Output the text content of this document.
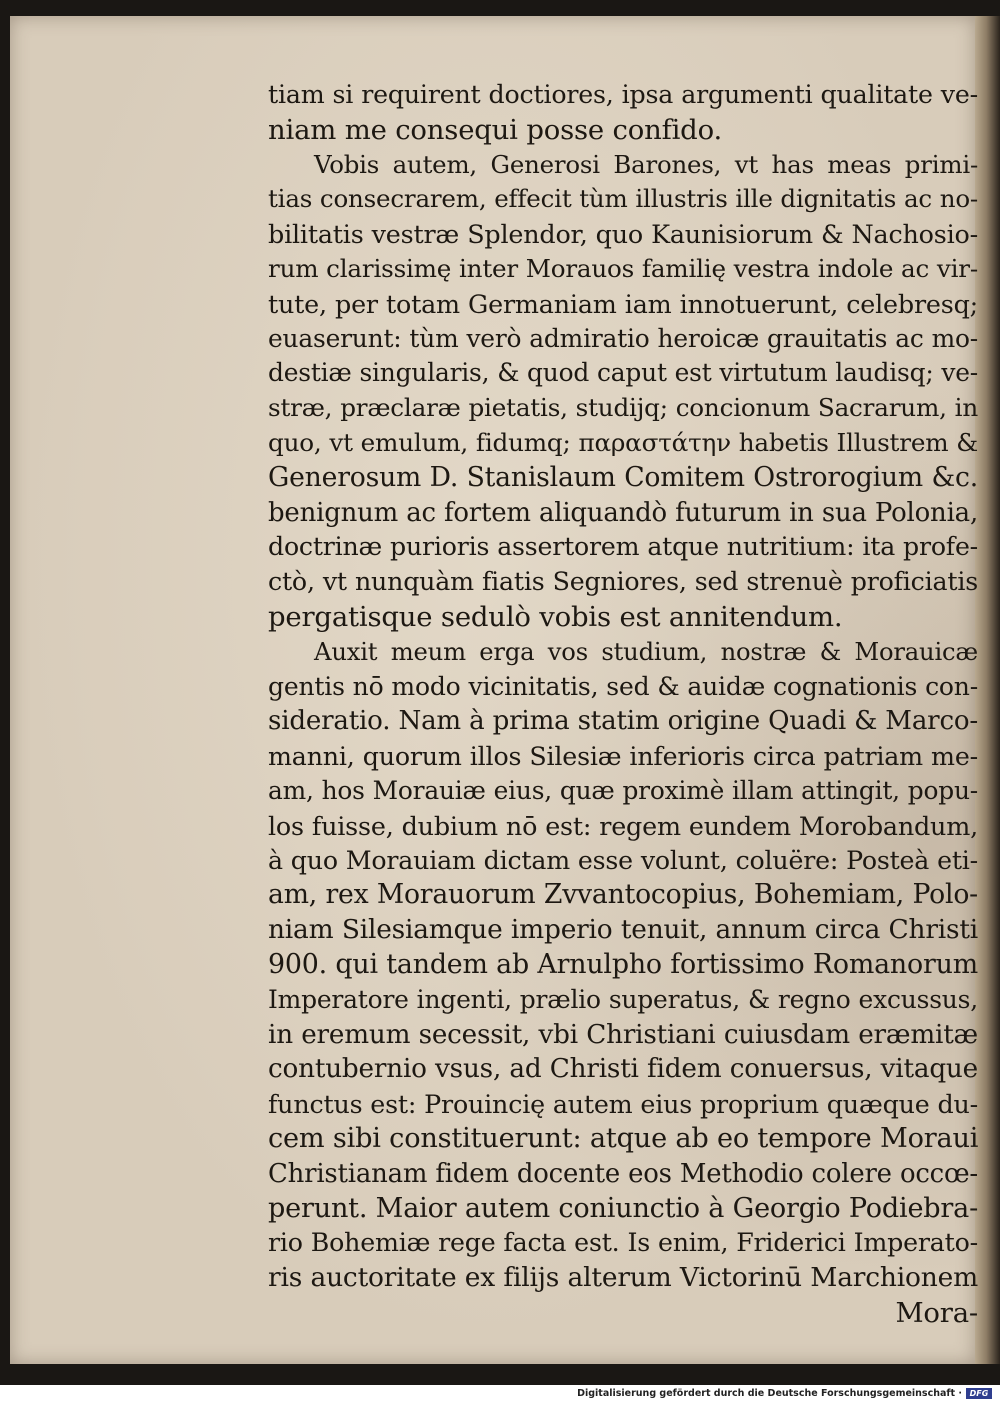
tiam si requirent doctiores, ipsa argumenti qualitate ve-
niam me consequi posse confido.
Vobis autem, Generosi Barones, vt has meas primi-
tias consecrarem, effecit tùm illustris ille dignitatis ac no-
bilitatis vestræ Splendor, quo Kaunisiorum & Nachosio-
rum clarissimę inter Morauos familię vestra indole ac vir-
tute, per totam Germaniam iam innotuerunt, celebresq;
euaserunt: tùm verò admiratio heroicæ grauitatis ac mo-
destiæ singularis, & quod caput est virtutum laudisq; ve-
stræ, præclaræ pietatis, studijq; concionum Sacrarum, in
quo, vt emulum, fidumq; παραστάτην habetis Illustrem &
Generosum D. Stanislaum Comitem Ostrorogium &c.
benignum ac fortem aliquandò futurum in sua Polonia,
doctrinæ purioris assertorem atque nutritium: ita profe-
ctò, vt nunquàm fiatis Segniores, sed strenuè proficiatis
pergatisque sedulò vobis est annitendum.
Auxit meum erga vos studium, nostræ & Morauicæ
gentis nō modo vicinitatis, sed & auidæ cognationis con-
sideratio. Nam à prima statim origine Quadi & Marco-
manni, quorum illos Silesiæ inferioris circa patriam me-
am, hos Morauiæ eius, quæ proximè illam attingit, popu-
los fuisse, dubium nō est: regem eundem Morobandum,
à quo Morauiam dictam esse volunt, coluëre: Posteà eti-
am, rex Morauorum Zvvantocopius, Bohemiam, Polo-
niam Silesiamque imperio tenuit, annum circa Christi
900. qui tandem ab Arnulpho fortissimo Romanorum
Imperatore ingenti, prælio superatus, & regno excussus,
in eremum secessit, vbi Christiani cuiusdam eræmitæ
contubernio vsus, ad Christi fidem conuersus, vitaque
functus est: Prouincię autem eius proprium quæque du-
cem sibi constituerunt: atque ab eo tempore Moraui
Christianam fidem docente eos Methodio colere occœ-
perunt. Maior autem coniunctio à Georgio Podiebra-
rio Bohemiæ rege facta est. Is enim, Friderici Imperato-
ris auctoritate ex filijs alterum Victorinū Marchionem
Mora-
Digitalisierung gefördert durch die Deutsche Forschungsgemeinschaft · DFG
